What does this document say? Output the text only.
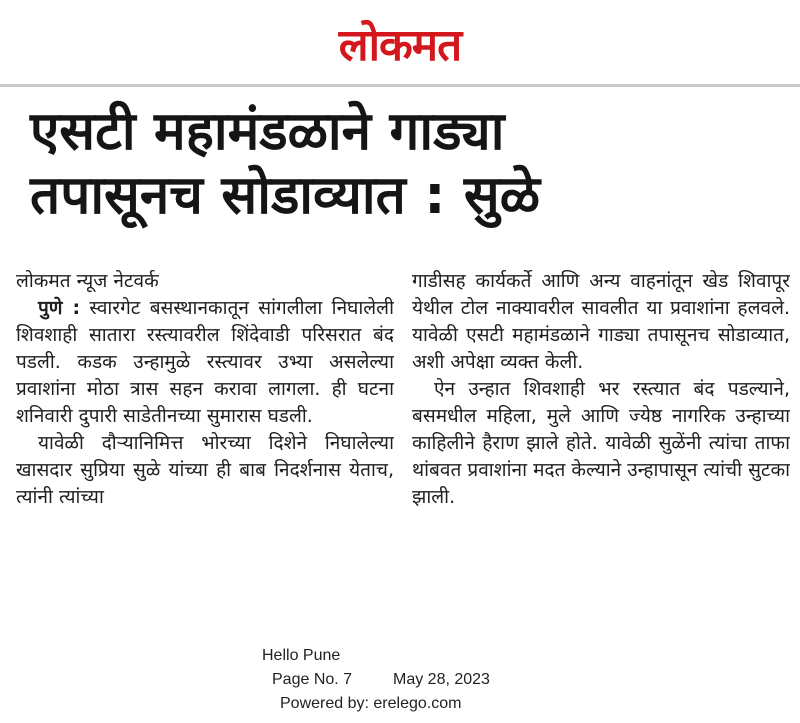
लोकमत
एसटी महामंडळाने गाड्या
तपासूनच सोडाव्यात : सुळे

लोकमत न्यूज नेटवर्क

पुणे : स्वारगेट बसस्थानकातून सांगलीला निघालेली शिवशाही सातारा रस्त्यावरील शिंदेवाडी परिसरात बंद पडली. कडक उन्हामुळे रस्त्यावर उभ्या असलेल्या प्रवाशांना मोठा त्रास सहन करावा लागला. ही घटना शनिवारी दुपारी साडेतीनच्या सुमारास घडली.

यावेळी दौऱ्यानिमित्त भोरच्या दिशेने निघालेल्या खासदार सुप्रिया सुळे यांच्या ही बाब निदर्शनास येताच, त्यांनी त्यांच्या

गाडीसह कार्यकर्ते आणि अन्य वाहनांतून खेड शिवापूर येथील टोल नाक्यावरील सावलीत या प्रवाशांना हलवले. यावेळी एसटी महामंडळाने गाड्या तपासूनच सोडाव्यात, अशी अपेक्षा व्यक्त केली.

ऐन उन्हात शिवशाही भर रस्त्यात बंद पडल्याने, बसमधील महिला, मुले आणि ज्येष्ठ नागरिक उन्हाच्या काहिलीने हैराण झाले होते. यावेळी सुळेंनी त्यांचा ताफा थांबवत प्रवाशांना मदत केल्याने उन्हापासून त्यांची सुटका झाली.

Hello Pune
Page No. 7	May 28, 2023
Powered by: erelego.com
